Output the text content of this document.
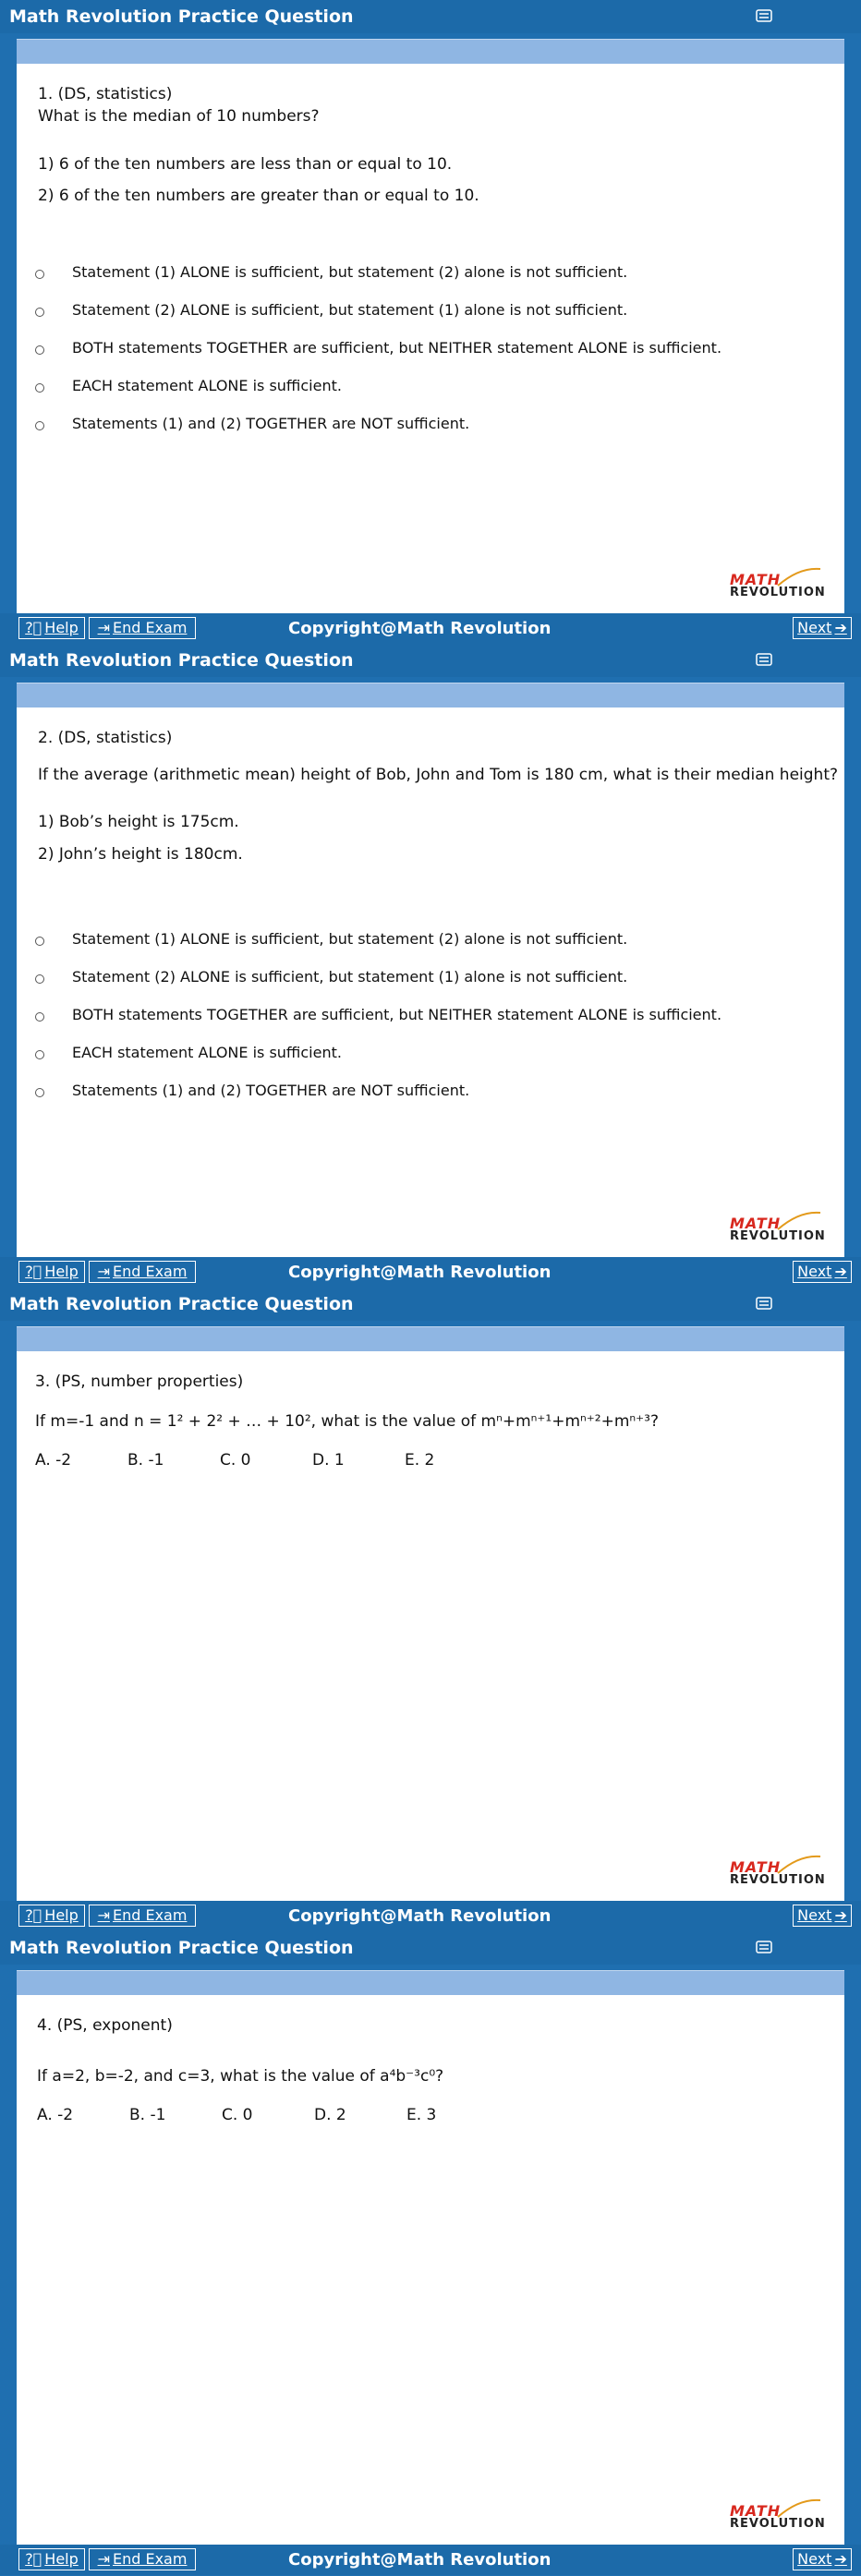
Math Revolution Practice Question
1. (DS, statistics)
What is the median of 10 numbers?
1) 6 of the ten numbers are less than or equal to 10.
2) 6 of the ten numbers are greater than or equal to 10.
Statement (1) ALONE is sufficient, but statement (2) alone is not sufficient.
Statement (2) ALONE is sufficient, but statement (1) alone is not sufficient.
BOTH statements TOGETHER are sufficient, but NEITHER statement ALONE is sufficient.
EACH statement ALONE is sufficient.
Statements (1) and (2) TOGETHER are NOT sufficient.
MATH
REVOLUTION
?⃝ Help ⇥ End Exam	Copyright@Math Revolution	Next ➔
Math Revolution Practice Question
2. (DS, statistics)
If the average (arithmetic mean) height of Bob, John and Tom is 180 cm, what is their median height?
1) Bob’s height is 175cm.
2) John’s height is 180cm.
Statement (1) ALONE is sufficient, but statement (2) alone is not sufficient.
Statement (2) ALONE is sufficient, but statement (1) alone is not sufficient.
BOTH statements TOGETHER are sufficient, but NEITHER statement ALONE is sufficient.
EACH statement ALONE is sufficient.
Statements (1) and (2) TOGETHER are NOT sufficient.
MATH
REVOLUTION
?⃝ Help ⇥ End Exam	Copyright@Math Revolution	Next ➔
Math Revolution Practice Question
3. (PS, number properties)
If m=-1 and n = 1² + 2² + … + 10², what is the value of mⁿ+mⁿ⁺¹+mⁿ⁺²+mⁿ⁺³?
A. -2	B. -1	C. 0	D. 1	E. 2
MATH
REVOLUTION
?⃝ Help ⇥ End Exam	Copyright@Math Revolution	Next ➔
Math Revolution Practice Question
4. (PS, exponent)
If a=2, b=-2, and c=3, what is the value of a⁴b⁻³c⁰?
A. -2	B. -1	C. 0	D. 2	E. 3
MATH
REVOLUTION
?⃝ Help ⇥ End Exam	Copyright@Math Revolution	Next ➔
